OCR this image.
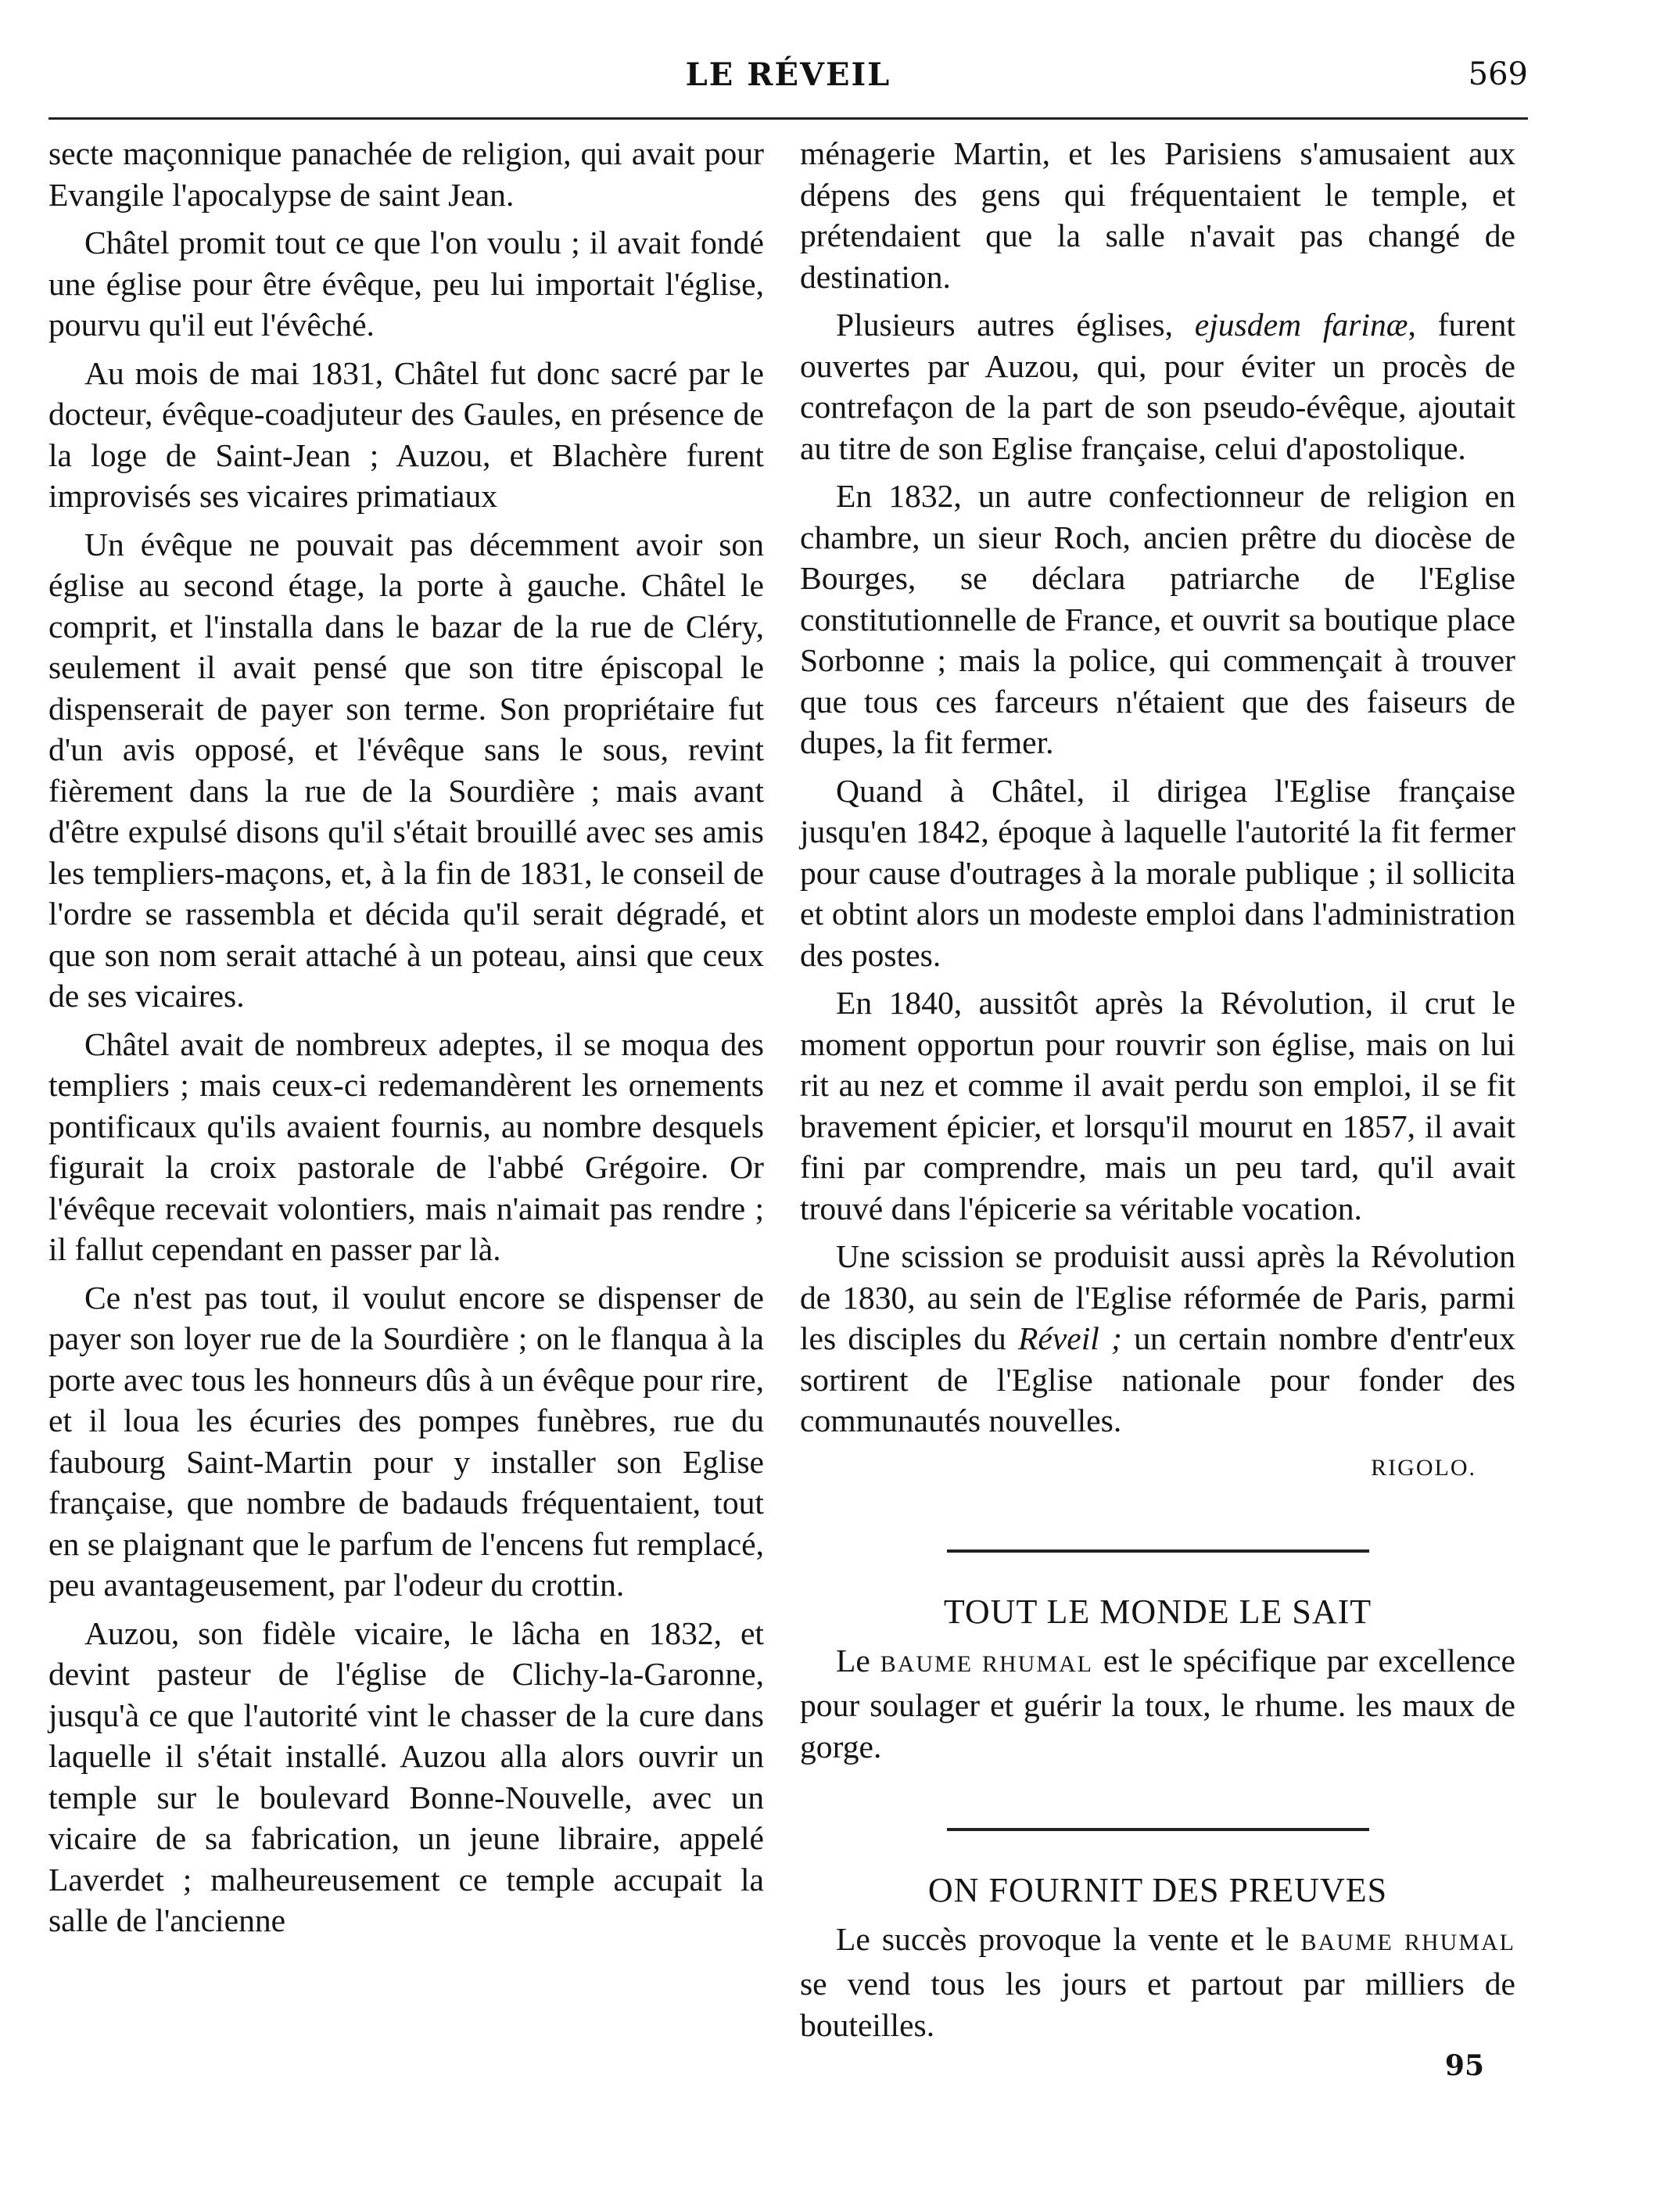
LE RÉVEIL	569

secte maçonnique panachée de religion, qui avait pour Evangile l'apocalypse de saint Jean.

Châtel promit tout ce que l'on voulu ; il avait fondé une église pour être évêque, peu lui importait l'église, pourvu qu'il eut l'évêché.

Au mois de mai 1831, Châtel fut donc sacré par le docteur, évêque-coadjuteur des Gaules, en présence de la loge de Saint-Jean ; Auzou, et Blachère furent improvisés ses vicaires primatiaux

Un évêque ne pouvait pas décemment avoir son église au second étage, la porte à gauche. Châtel le comprit, et l'installa dans le bazar de la rue de Cléry, seulement il avait pensé que son titre épiscopal le dispenserait de payer son terme. Son propriétaire fut d'un avis opposé, et l'évêque sans le sous, revint fièrement dans la rue de la Sourdière ; mais avant d'être expulsé disons qu'il s'était brouillé avec ses amis les templiers-maçons, et, à la fin de 1831, le conseil de l'ordre se rassembla et décida qu'il serait dégradé, et que son nom serait attaché à un poteau, ainsi que ceux de ses vicaires.

Châtel avait de nombreux adeptes, il se moqua des templiers ; mais ceux-ci redemandèrent les ornements pontificaux qu'ils avaient fournis, au nombre desquels figurait la croix pastorale de l'abbé Grégoire. Or l'évêque recevait volontiers, mais n'aimait pas rendre ; il fallut cependant en passer par là.

Ce n'est pas tout, il voulut encore se dispenser de payer son loyer rue de la Sourdière ; on le flanqua à la porte avec tous les honneurs dûs à un évêque pour rire, et il loua les écuries des pompes funèbres, rue du faubourg Saint-Martin pour y installer son Eglise française, que nombre de badauds fréquentaient, tout en se plaignant que le parfum de l'encens fut remplacé, peu avantageusement, par l'odeur du crottin.

Auzou, son fidèle vicaire, le lâcha en 1832, et devint pasteur de l'église de Clichy-la-Garonne, jusqu'à ce que l'autorité vint le chasser de la cure dans laquelle il s'était installé. Auzou alla alors ouvrir un temple sur le boulevard Bonne-Nouvelle, avec un vicaire de sa fabrication, un jeune libraire, appelé Laverdet ; malheureusement ce temple accupait la salle de l'ancienne

ménagerie Martin, et les Parisiens s'amusaient aux dépens des gens qui fréquentaient le temple, et prétendaient que la salle n'avait pas changé de destination.

Plusieurs autres églises, ejusdem farinæ, furent ouvertes par Auzou, qui, pour éviter un procès de contrefaçon de la part de son pseudo-évêque, ajoutait au titre de son Eglise française, celui d'apostolique.

En 1832, un autre confectionneur de religion en chambre, un sieur Roch, ancien prêtre du diocèse de Bourges, se déclara patriarche de l'Eglise constitutionnelle de France, et ouvrit sa boutique place Sorbonne ; mais la police, qui commençait à trouver que tous ces farceurs n'étaient que des faiseurs de dupes, la fit fermer.

Quand à Châtel, il dirigea l'Eglise française jusqu'en 1842, époque à laquelle l'autorité la fit fermer pour cause d'outrages à la morale publique ; il sollicita et obtint alors un modeste emploi dans l'administration des postes.

En 1840, aussitôt après la Révolution, il crut le moment opportun pour rouvrir son église, mais on lui rit au nez et comme il avait perdu son emploi, il se fit bravement épicier, et lorsqu'il mourut en 1857, il avait fini par comprendre, mais un peu tard, qu'il avait trouvé dans l'épicerie sa véritable vocation.

Une scission se produisit aussi après la Révolution de 1830, au sein de l'Eglise réformée de Paris, parmi les disciples du Réveil ; un certain nombre d'entr'eux sortirent de l'Eglise nationale pour fonder des communautés nouvelles.

RIGOLO.

TOUT LE MONDE LE SAIT

Le BAUME RHUMAL est le spécifique par excellence pour soulager et guérir la toux, le rhume. les maux de gorge.

ON FOURNIT DES PREUVES

Le succès provoque la vente et le BAUME RHUMAL se vend tous les jours et partout par milliers de bouteilles.

95
